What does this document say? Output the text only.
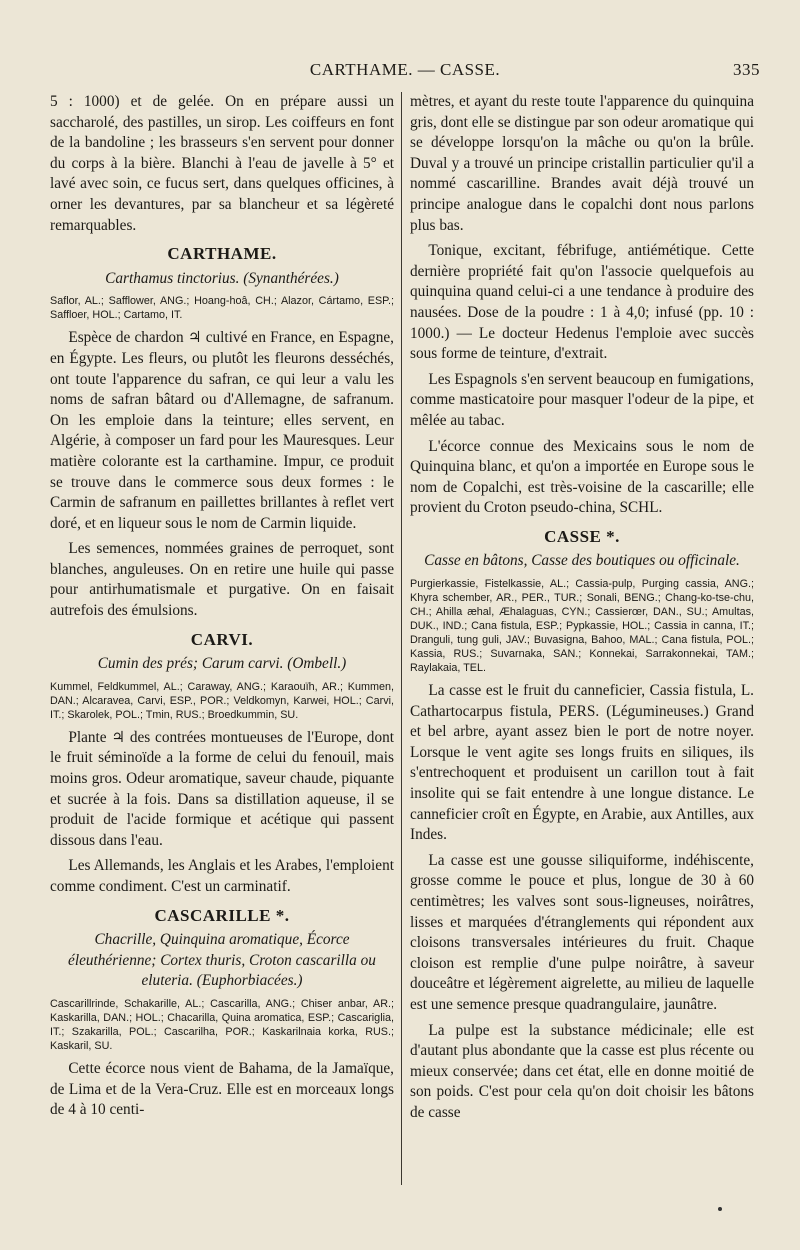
CARTHAME. — CASSE.	335

5 : 1000) et de gelée. On en prépare aussi un saccharolé, des pastilles, un sirop. Les coiffeurs en font de la bandoline ; les brasseurs s'en servent pour donner du corps à la bière. Blanchi à l'eau de javelle à 5° et lavé avec soin, ce fucus sert, dans quelques officines, à orner les devantures, par sa blancheur et sa légèreté remarquables.

CARTHAME.
Carthamus tinctorius. (Synanthérées.)
Saflor, AL.; Safflower, ANG.; Hoang-hoâ, CH.; Alazor, Cártamo, ESP.; Saffloer, HOL.; Cartamo, IT.

Espèce de chardon ♃ cultivé en France, en Espagne, en Égypte. Les fleurs, ou plutôt les fleurons desséchés, ont toute l'apparence du safran, ce qui leur a valu les noms de safran bâtard ou d'Allemagne, de safranum. On les emploie dans la teinture; elles servent, en Algérie, à composer un fard pour les Mauresques. Leur matière colorante est la carthamine. Impur, ce produit se trouve dans le commerce sous deux formes : le Carmin de safranum en paillettes brillantes à reflet vert doré, et en liqueur sous le nom de Carmin liquide.

Les semences, nommées graines de perroquet, sont blanches, anguleuses. On en retire une huile qui passe pour antirhumatismale et purgative. On en faisait autrefois des émulsions.

CARVI.
Cumin des prés; Carum carvi. (Ombell.)
Kummel, Feldkummel, AL.; Caraway, ANG.; Karaouïh, AR.; Kummen, DAN.; Alcaravea, Carvi, ESP., POR.; Veldkomyn, Karwei, HOL.; Carvi, IT.; Skarolek, POL.; Tmin, RUS.; Broedkummin, SU.

Plante ♃ des contrées montueuses de l'Europe, dont le fruit séminoïde a la forme de celui du fenouil, mais moins gros. Odeur aromatique, saveur chaude, piquante et sucrée à la fois. Dans sa distillation aqueuse, il se produit de l'acide formique et acétique qui passent dissous dans l'eau.

Les Allemands, les Anglais et les Arabes, l'emploient comme condiment. C'est un carminatif.

CASCARILLE *.
Chacrille, Quinquina aromatique, Écorce éleuthérienne; Cortex thuris, Croton cascarilla ou eluteria. (Euphorbiacées.)
Cascarillrinde, Schakarille, AL.; Cascarilla, ANG.; Chiser anbar, AR.; Kaskarilla, DAN.; HOL.; Chacarilla, Quina aromatica, ESP.; Cascariglia, IT.; Szakarilla, POL.; Cascarilha, POR.; Kaskarilnaia korka, RUS.; Kaskaril, SU.

Cette écorce nous vient de Bahama, de la Jamaïque, de Lima et de la Vera-Cruz. Elle est en morceaux longs de 4 à 10 centi-

mètres, et ayant du reste toute l'apparence du quinquina gris, dont elle se distingue par son odeur aromatique qui se développe lorsqu'on la mâche ou qu'on la brûle. Duval y a trouvé un principe cristallin particulier qu'il a nommé cascarilline. Brandes avait déjà trouvé un principe analogue dans le copalchi dont nous parlons plus bas.

Tonique, excitant, fébrifuge, antiémétique. Cette dernière propriété fait qu'on l'associe quelquefois au quinquina quand celui-ci a une tendance à produire des nausées. Dose de la poudre : 1 à 4,0; infusé (pp. 10 : 1000.) — Le docteur Hedenus l'emploie avec succès sous forme de teinture, d'extrait.

Les Espagnols s'en servent beaucoup en fumigations, comme masticatoire pour masquer l'odeur de la pipe, et mêlée au tabac.

L'écorce connue des Mexicains sous le nom de Quinquina blanc, et qu'on a importée en Europe sous le nom de Copalchi, est très-voisine de la cascarille; elle provient du Croton pseudo-china, SCHL.

CASSE *.
Casse en bâtons, Casse des boutiques ou officinale.
Purgierkassie, Fistelkassie, AL.; Cassia-pulp, Purging cassia, ANG.; Khyra schember, AR., PER., TUR.; Sonali, BENG.; Chang-ko-tse-chu, CH.; Ahilla æhal, Æhalaguas, CYN.; Cassierœr, DAN., SU.; Amultas, DUK., IND.; Cana fistula, ESP.; Pypkassie, HOL.; Cassia in canna, IT.; Dranguli, tung guli, JAV.; Buvasigna, Bahoo, MAL.; Cana fistula, POL.; Kassia, RUS.; Suvarnaka, SAN.; Konnekai, Sarrakonnekai, TAM.; Raylakaia, TEL.

La casse est le fruit du canneficier, Cassia fistula, L. Cathartocarpus fistula, PERS. (Légumineuses.) Grand et bel arbre, ayant assez bien le port de notre noyer. Lorsque le vent agite ses longs fruits en siliques, ils s'entrechoquent et produisent un carillon tout à fait insolite qui se fait entendre à une longue distance. Le canneficier croît en Égypte, en Arabie, aux Antilles, aux Indes.

La casse est une gousse siliquiforme, indéhiscente, grosse comme le pouce et plus, longue de 30 à 60 centimètres; les valves sont sous-ligneuses, noirâtres, lisses et marquées d'étranglements qui répondent aux cloisons transversales intérieures du fruit. Chaque cloison est remplie d'une pulpe noirâtre, à saveur douceâtre et légèrement aigrelette, au milieu de laquelle est une semence presque quadrangulaire, jaunâtre.

La pulpe est la substance médicinale; elle est d'autant plus abondante que la casse est plus récente ou mieux conservée; dans cet état, elle en donne moitié de son poids. C'est pour cela qu'on doit choisir les bâtons de casse
